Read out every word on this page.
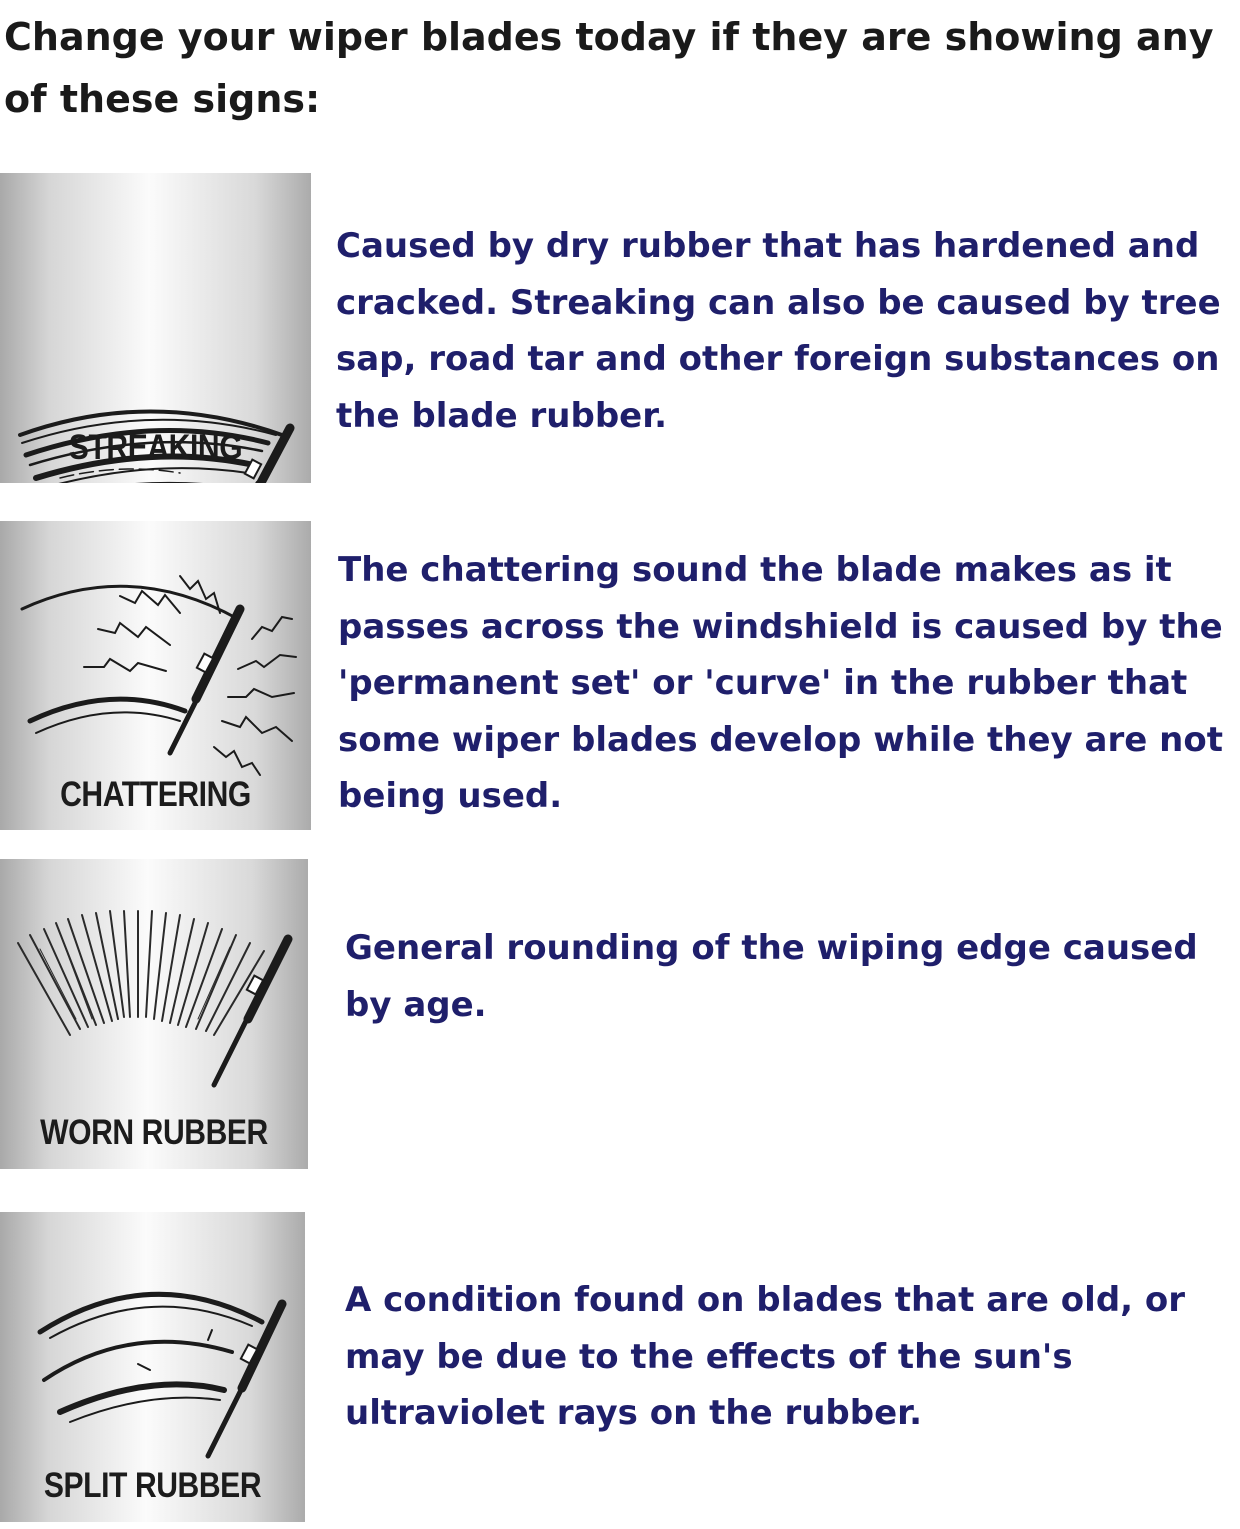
Change your wiper blades today if they are showing any of these signs:
STREAKING

Caused by dry rubber that has hardened and cracked. Streaking can also be caused by tree sap, road tar and other foreign substances on the blade rubber.

CHATTERING

The chattering sound the blade makes as it passes across the windshield is caused by the 'permanent set' or 'curve' in the rubber that some wiper blades develop while they are not being used.

WORN RUBBER

General rounding of the wiping edge caused by age.

SPLIT RUBBER

A condition found on blades that are old, or may be due to the effects of the sun's ultraviolet rays on the rubber.
